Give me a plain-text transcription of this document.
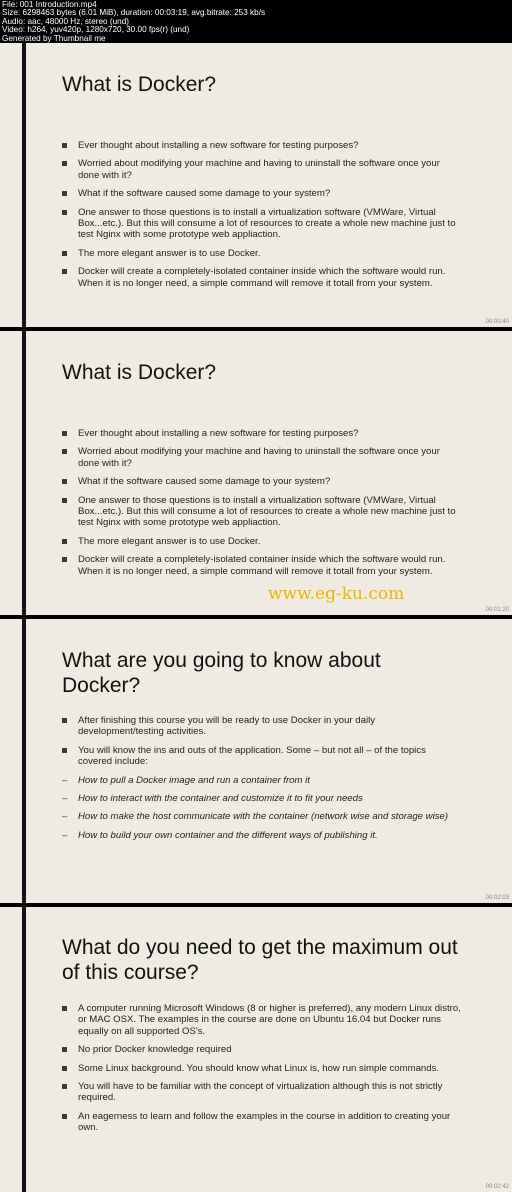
File: 001 Introduction.mp4
Size: 6298463 bytes (6.01 MiB), duration: 00:03:19, avg.bitrate: 253 kb/s
Audio: aac, 48000 Hz, stereo (und)
Video: h264, yuv420p, 1280x720, 30.00 fps(r) (und)
Generated by Thumbnail me
What is Docker?
Ever thought about installing a new software for testing purposes?
Worried about modifying your machine and having to uninstall the software once your done with it?
What if the software caused some damage to your system?
One answer to those questions is to install a virtualization software (VMWare, Virtual Box...etc.). But this will consume a lot of resources to create a whole new machine just to test Nginx with some prototype web appliaction.
The more elegant answer is to use Docker.
Docker will create a completely-isolated container inside which the software would run. When it is no longer need, a simple command will remove it totall from your system.
00:00:40
What is Docker?
Ever thought about installing a new software for testing purposes?
Worried about modifying your machine and having to uninstall the software once your done with it?
What if the software caused some damage to your system?
One answer to those questions is to install a virtualization software (VMWare, Virtual Box...etc.). But this will consume a lot of resources to create a whole new machine just to test Nginx with some prototype web appliaction.
The more elegant answer is to use Docker.
Docker will create a completely-isolated container inside which the software would run. When it is no longer need, a simple command will remove it totall from your system.
00:01:20
What are you going to know about Docker?
After finishing this course you will be ready to use Docker in your daily development/testing activities.
You will know the ins and outs of the application. Some – but not all – of the topics covered include:
– How to pull a Docker image and run a container from it
– How to interact with the container and customize it to fit your needs
– How to make the host communicate with the container (network wise and storage wise)
– How to build your own container and the different ways of publishing it.
00:02:03
What do you need to get the maximum out of this course?
A computer running Microsoft Windows (8 or higher is preferred), any modern Linux distro, or MAC OSX. The examples in the course are done on Ubuntu 16.04 but Docker runs equally on all supported OS's.
No prior Docker knowledge required
Some Linux background. You should know what Linux is, how run simple commands.
You will have to be familiar with the concept of virtualization although this is not strictly required.
An eagerness to learn and follow the examples in the course in addition to creating your own.
00:02:42
www.eg-ku.com
